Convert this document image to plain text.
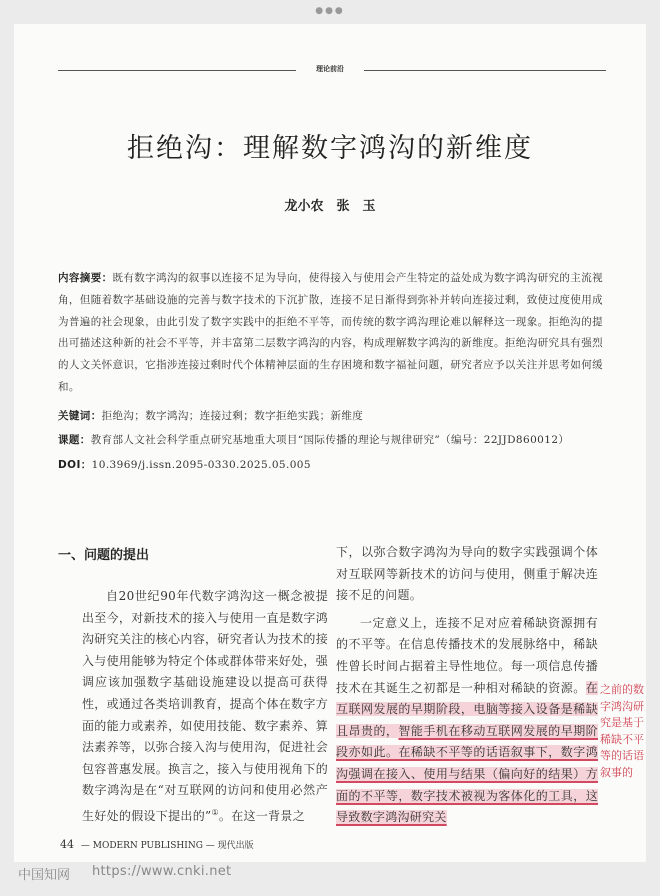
●●●
理论前沿
拒绝沟：理解数字鸿沟的新维度
龙小农　张　玉
内容摘要：既有数字鸿沟的叙事以连接不足为导向，使得接入与使用会产生特定的益处成为数字鸿沟研究的主流视角，但随着数字基础设施的完善与数字技术的下沉扩散，连接不足日渐得到弥补并转向连接过剩，致使过度使用成为普遍的社会现象，由此引发了数字实践中的拒绝不平等，而传统的数字鸿沟理论难以解释这一现象。拒绝沟的提出可描述这种新的社会不平等，并丰富第二层数字鸿沟的内容，构成理解数字鸿沟的新维度。拒绝沟研究具有强烈的人文关怀意识，它指涉连接过剩时代个体精神层面的生存困境和数字福祉问题，研究者应予以关注并思考如何缓和。
关键词：拒绝沟；数字鸿沟；连接过剩；数字拒绝实践；新维度
课题：教育部人文社会科学重点研究基地重大项目“国际传播的理论与规律研究”（编号：22JJD860012）
DOI：10.3969/j.issn.2095-0330.2025.05.005
一、问题的提出

自20世纪90年代数字鸿沟这一概念被提出至今，对新技术的接入与使用一直是数字鸿沟研究关注的核心内容，研究者认为技术的接入与使用能够为特定个体或群体带来好处，强调应该加强数字基础设施建设以提高可获得性，或通过各类培训教育，提高个体在数字方面的能力或素养，如使用技能、数字素养、算法素养等，以弥合接入沟与使用沟，促进社会包容普惠发展。换言之，接入与使用视角下的数字鸿沟是在“对互联网的访问和使用必然产生好处的假设下提出的”①。在这一背景之

下，以弥合数字鸿沟为导向的数字实践强调个体对互联网等新技术的访问与使用，侧重于解决连接不足的问题。

一定意义上，连接不足对应着稀缺资源拥有的不平等。在信息传播技术的发展脉络中，稀缺性曾长时间占据着主导性地位。每一项信息传播技术在其诞生之初都是一种相对稀缺的资源。在互联网发展的早期阶段，电脑等接入设备是稀缺且昂贵的，智能手机在移动互联网发展的早期阶段亦如此。在稀缺不平等的话语叙事下，数字鸿沟强调在接入、使用与结果（偏向好的结果）方面的不平等，数字技术被视为客体化的工具，这导致数字鸿沟研究关

之前的数字鸿沟研究是基于稀缺不平等的话语叙事的
44 — MODERN PUBLISHING — 现代出版
中国知网 https://www.cnki.net
